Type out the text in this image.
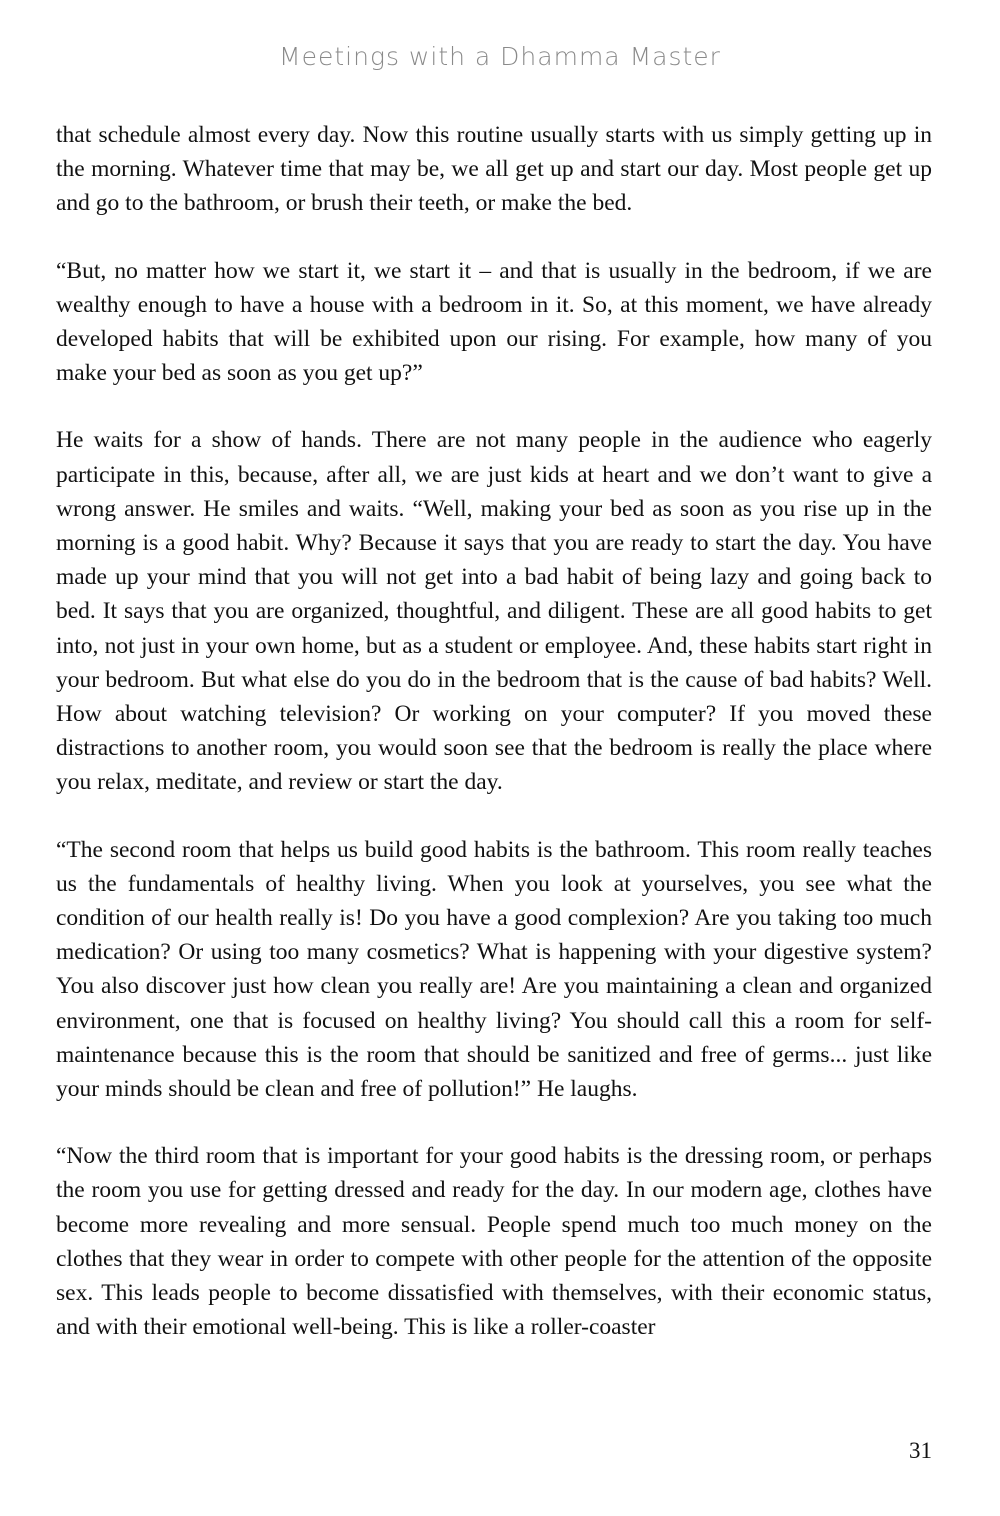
Meetings with a Dhamma Master

that schedule almost every day. Now this routine usually starts with us simply getting up in the morning. Whatever time that may be, we all get up and start our day. Most people get up and go to the bathroom, or brush their teeth, or make the bed.

“But, no matter how we start it, we start it – and that is usually in the bedroom, if we are wealthy enough to have a house with a bedroom in it. So, at this moment, we have already developed habits that will be exhibited upon our rising. For example, how many of you make your bed as soon as you get up?”

He waits for a show of hands. There are not many people in the audience who eagerly participate in this, because, after all, we are just kids at heart and we don’t want to give a wrong answer. He smiles and waits. “Well, making your bed as soon as you rise up in the morning is a good habit. Why? Because it says that you are ready to start the day. You have made up your mind that you will not get into a bad habit of being lazy and going back to bed. It says that you are organized, thoughtful, and diligent. These are all good habits to get into, not just in your own home, but as a student or employee. And, these habits start right in your bedroom. But what else do you do in the bedroom that is the cause of bad habits? Well. How about watching television? Or working on your computer? If you moved these distractions to another room, you would soon see that the bedroom is really the place where you relax, meditate, and review or start the day.

“The second room that helps us build good habits is the bathroom. This room really teaches us the fundamentals of healthy living. When you look at yourselves, you see what the condition of our health really is! Do you have a good complexion? Are you taking too much medication? Or using too many cosmetics? What is happening with your digestive system? You also discover just how clean you really are! Are you maintaining a clean and organized environment, one that is focused on healthy living? You should call this a room for self-maintenance because this is the room that should be sanitized and free of germs... just like your minds should be clean and free of pollution!” He laughs.

“Now the third room that is important for your good habits is the dressing room, or perhaps the room you use for getting dressed and ready for the day. In our modern age, clothes have become more revealing and more sensual. People spend much too much money on the clothes that they wear in order to compete with other people for the attention of the opposite sex. This leads people to become dissatisfied with themselves, with their economic status, and with their emotional well-being. This is like a roller-coaster

31
